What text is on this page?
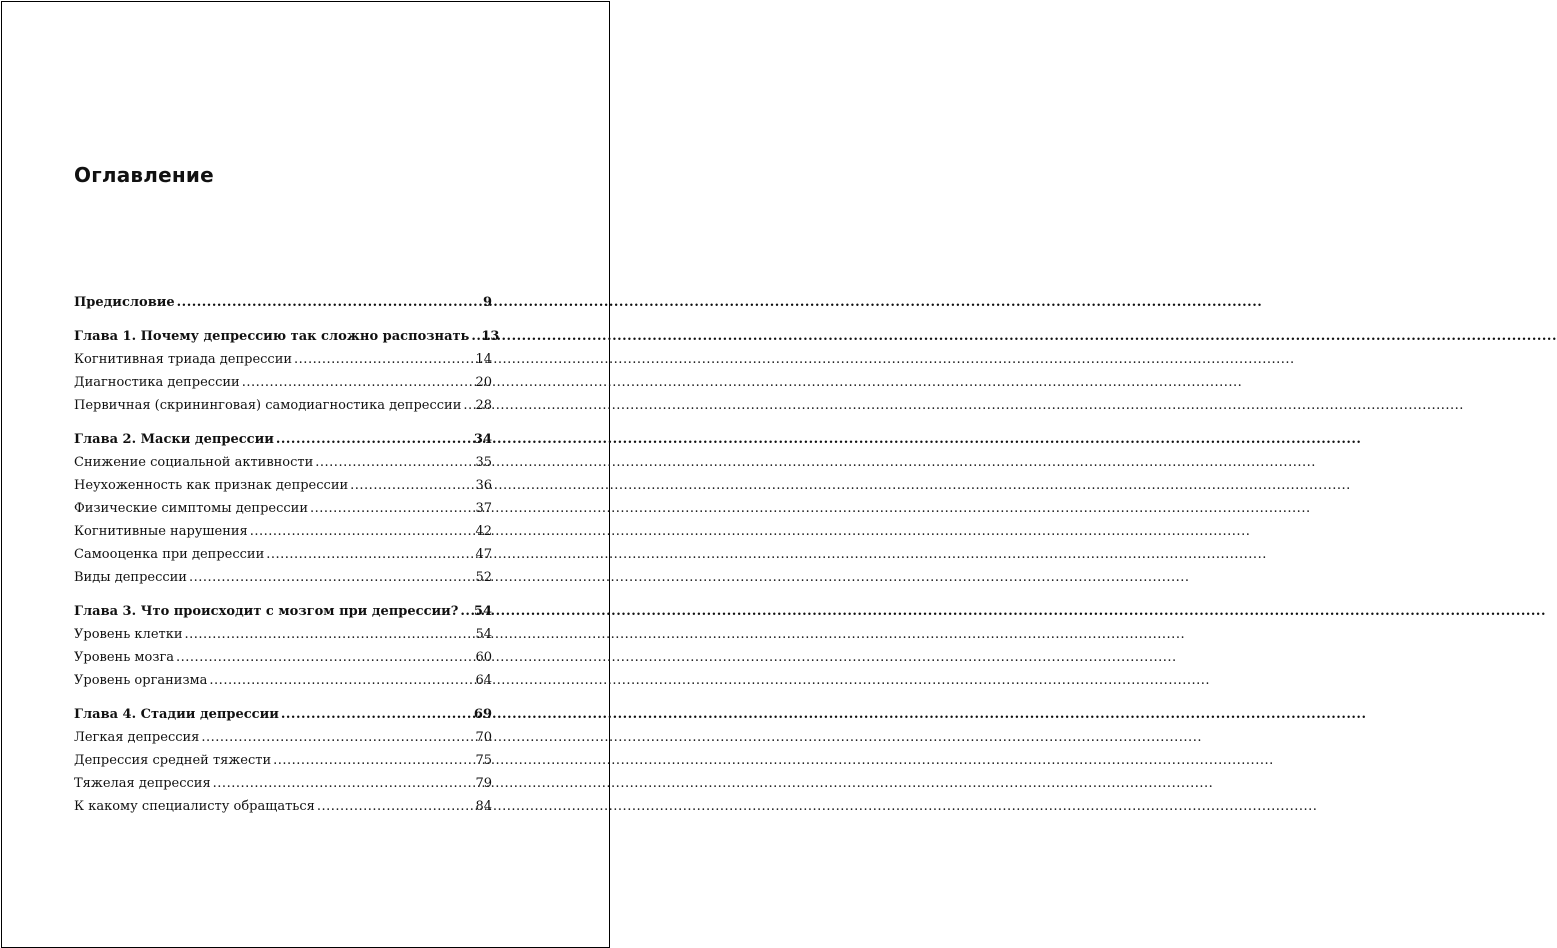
Оглавление
Предисловие .....	9
Глава 1. Почему депрессию так сложно распознать ..... 13
Когнитивная триада депрессии .....	14
Диагностика депрессии .....	20
Первичная (скрининговая) самодиагностика депрессии ..... 28
Глава 2. Маски депрессии .....	34
Снижение социальной активности .....	35
Неухоженность как признак депрессии .....	36
Физические симптомы депрессии .....	37
Когнитивные нарушения .....	42
Самооценка при депрессии .....	47
Виды депрессии .....	52
Глава 3. Что происходит с мозгом при депрессии? ..... 54
Уровень клетки .....	54
Уровень мозга .....	60
Уровень организма .....	64
Глава 4. Стадии депрессии .....	69
Легкая депрессия .....	70
Депрессия средней тяжести .....	75
Тяжелая депрессия .....	79
К какому специалисту обращаться .....	84
